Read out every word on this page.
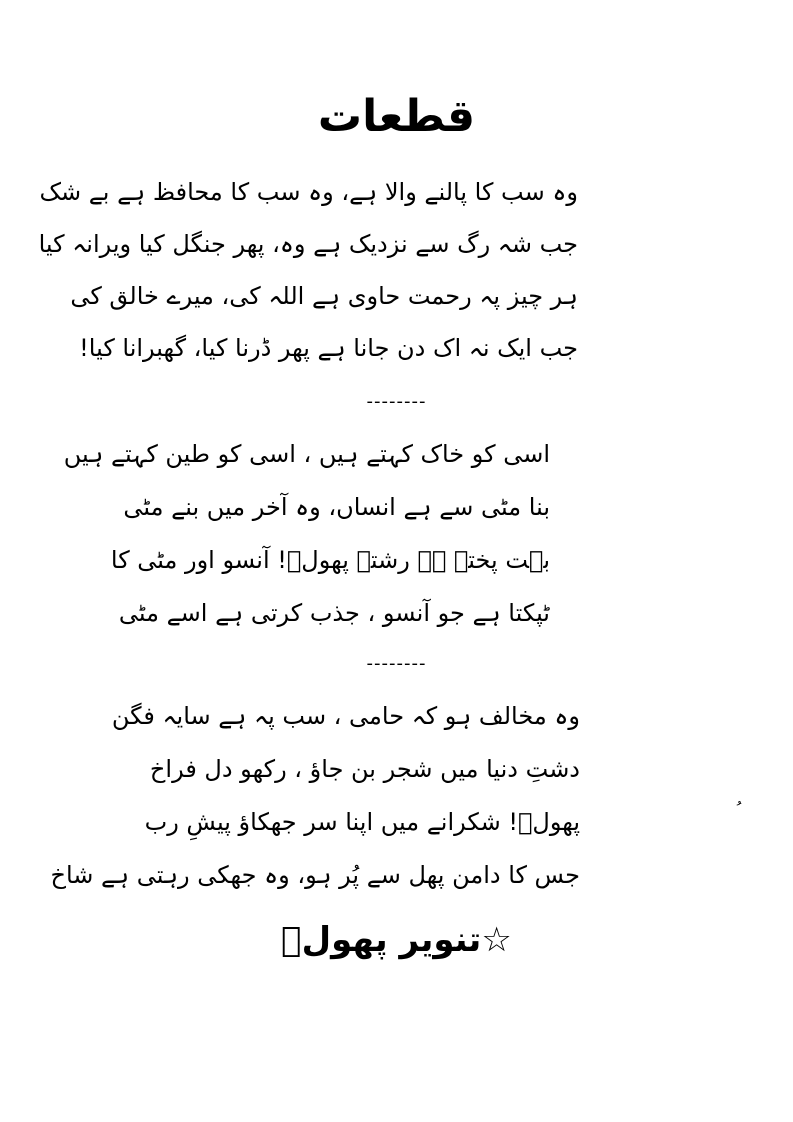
قطعات
وہ سب کا پالنے والا ہے، وہ سب کا محافظ ہے بے شک
جب شہ رگ سے نزدیک ہے وہ، پھر جنگل کیا ویرانہ کیا
ہر چیز پہ رحمت حاوی ہے اللہ کی، میرے خالق کی
جب ایک نہ اک دن جانا ہے پھر ڈرنا کیا، گھبرانا کیا!
--------
اسی کو خاک کہتے ہیں ، اسی کو طین کہتے ہیں
بنا مٹی سے ہے انساں، وہ آخر میں بنے مٹی
بہت پختہ ہے رشتہ پھولؔ! آنسو اور مٹی کا
ٹپکتا ہے جو آنسو ، جذب کرتی ہے اسے مٹی
--------
وہ مخالف ہو کہ حامی ، سب پہ ہے سایہ فگن
دشتِ دنیا میں شجر بن جاؤ ، رکھو دل فراخ
پھولؔ! شکرانے میں اپنا سر جھکاؤ پیشِ رب
جس کا دامن پھل سے پُر ہو، وہ جھکی رہتی ہے شاخ
☆تنویر پھولؔ
